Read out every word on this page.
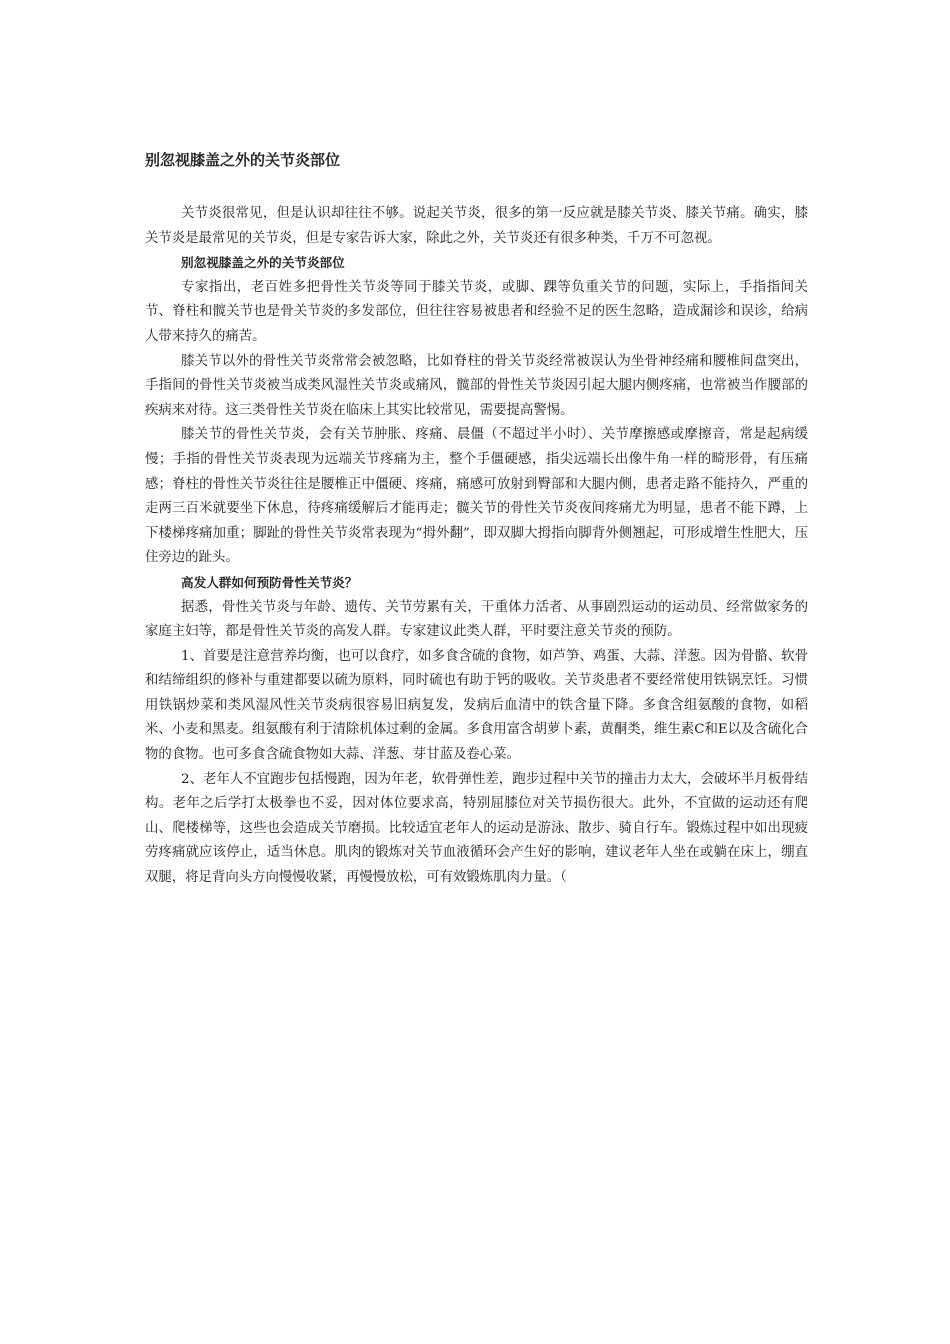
别忽视膝盖之外的关节炎部位

关节炎很常见，但是认识却往往不够。说起关节炎，很多的第一反应就是膝关节炎、膝关节痛。确实，膝关节炎是最常见的关节炎，但是专家告诉大家，除此之外，关节炎还有很多种类，千万不可忽视。

别忽视膝盖之外的关节炎部位

专家指出，老百姓多把骨性关节炎等同于膝关节炎，或脚、踝等负重关节的问题，实际上，手指指间关节、脊柱和髋关节也是骨关节炎的多发部位，但往往容易被患者和经验不足的医生忽略，造成漏诊和误诊，给病人带来持久的痛苦。

膝关节以外的骨性关节炎常常会被忽略，比如脊柱的骨关节炎经常被误认为坐骨神经痛和腰椎间盘突出，手指间的骨性关节炎被当成类风湿性关节炎或痛风，髋部的骨性关节炎因引起大腿内侧疼痛，也常被当作腰部的疾病来对待。这三类骨性关节炎在临床上其实比较常见，需要提高警惕。

膝关节的骨性关节炎，会有关节肿胀、疼痛、晨僵（不超过半小时）、关节摩擦感或摩擦音，常是起病缓慢；手指的骨性关节炎表现为远端关节疼痛为主，整个手僵硬感，指尖远端长出像牛角一样的畸形骨，有压痛感；脊柱的骨性关节炎往往是腰椎正中僵硬、疼痛，痛感可放射到臀部和大腿内侧，患者走路不能持久，严重的走两三百米就要坐下休息，待疼痛缓解后才能再走；髋关节的骨性关节炎夜间疼痛尤为明显，患者不能下蹲，上下楼梯疼痛加重；脚趾的骨性关节炎常表现为“拇外翻”，即双脚大拇指向脚背外侧翘起，可形成增生性肥大，压住旁边的趾头。

高发人群如何预防骨性关节炎？

据悉，骨性关节炎与年龄、遗传、关节劳累有关，干重体力活者、从事剧烈运动的运动员、经常做家务的家庭主妇等，都是骨性关节炎的高发人群。专家建议此类人群，平时要注意关节炎的预防。

1、首要是注意营养均衡，也可以食疗，如多食含硫的食物，如芦笋、鸡蛋、大蒜、洋葱。因为骨骼、软骨和结缔组织的修补与重建都要以硫为原料，同时硫也有助于钙的吸收。关节炎患者不要经常使用铁锅烹饪。习惯用铁锅炒菜和类风湿风性关节炎病很容易旧病复发，发病后血清中的铁含量下降。多食含组氨酸的食物，如稻米、小麦和黑麦。组氨酸有利于清除机体过剩的金属。多食用富含胡萝卜素，黄酮类，维生素C和E以及含硫化合物的食物。也可多食含硫食物如大蒜、洋葱、芽甘蓝及卷心菜。

2、老年人不宜跑步包括慢跑，因为年老，软骨弹性差，跑步过程中关节的撞击力太大，会破坏半月板骨结构。老年之后学打太极拳也不妥，因对体位要求高，特别屈膝位对关节损伤很大。此外，不宜做的运动还有爬山、爬楼梯等，这些也会造成关节磨损。比较适宜老年人的运动是游泳、散步、骑自行车。锻炼过程中如出现疲劳疼痛就应该停止，适当休息。肌肉的锻炼对关节血液循环会产生好的影响，建议老年人坐在或躺在床上，绷直双腿，将足背向头方向慢慢收紧，再慢慢放松，可有效锻炼肌肉力量。（
